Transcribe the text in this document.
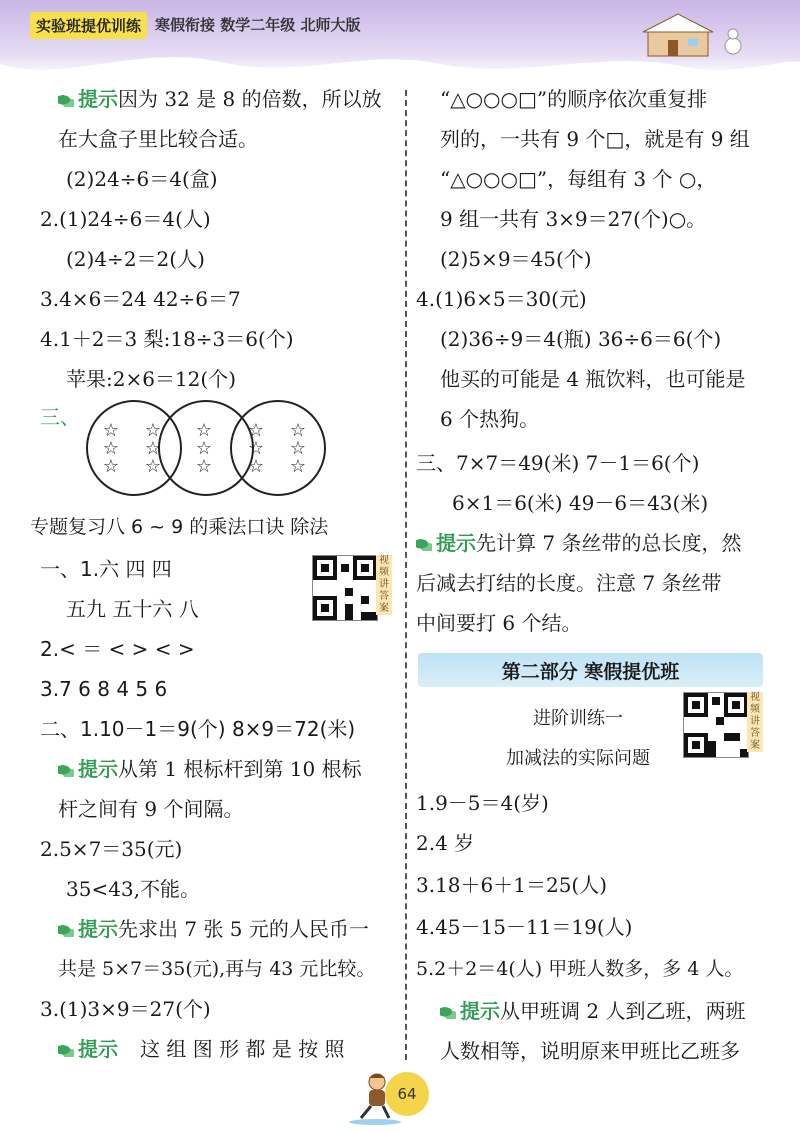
实验班提优训练 寒假衔接 数学二年级 北师大版
提示因为 32 是 8 的倍数，所以放
在大盒子里比较合适。
(2)24÷6＝4(盒)
2.(1)24÷6＝4(人)
(2)4÷2＝2(人)
3.4×6＝24 42÷6＝7
4.1＋2＝3 梨:18÷3＝6(个)
苹果:2×6＝12(个)
三、
☆
☆
☆
☆
☆
☆
☆
☆
☆
☆
☆
☆
☆
☆
☆
专题复习八 6 ~ 9 的乘法口诀 除法
一、1.六 四 四
五九 五十六 八
2.< ＝ < > < >
3.7 6 8 4 5 6
二、1.10－1＝9(个) 8×9＝72(米)
提示从第 1 根标杆到第 10 根标
杆之间有 9 个间隔。
2.5×7＝35(元)
35<43,不能。
提示先求出 7 张 5 元的人民币一
共是 5×7＝35(元),再与 43 元比较。
3.(1)3×9＝27(个)
提示 这 组 图 形 都 是 按 照
视频讲答案
“△○○○□”的顺序依次重复排
列的，一共有 9 个□，就是有 9 组
“△○○○□”，每组有 3 个 ○，
9 组一共有 3×9＝27(个)○。
(2)5×9＝45(个)
4.(1)6×5＝30(元)
(2)36÷9＝4(瓶) 36÷6＝6(个)
他买的可能是 4 瓶饮料，也可能是
6 个热狗。
三、7×7＝49(米) 7－1＝6(个)
6×1＝6(米) 49－6＝43(米)
提示先计算 7 条丝带的总长度，然
后减去打结的长度。注意 7 条丝带
中间要打 6 个结。
第二部分 寒假提优班
进阶训练一
加减法的实际问题
视频讲答案
1.9－5＝4(岁)
2.4 岁
3.18＋6＋1＝25(人)
4.45－15－11＝19(人)
5.2＋2＝4(人) 甲班人数多，多 4 人。
提示从甲班调 2 人到乙班，两班
人数相等，说明原来甲班比乙班多
64
